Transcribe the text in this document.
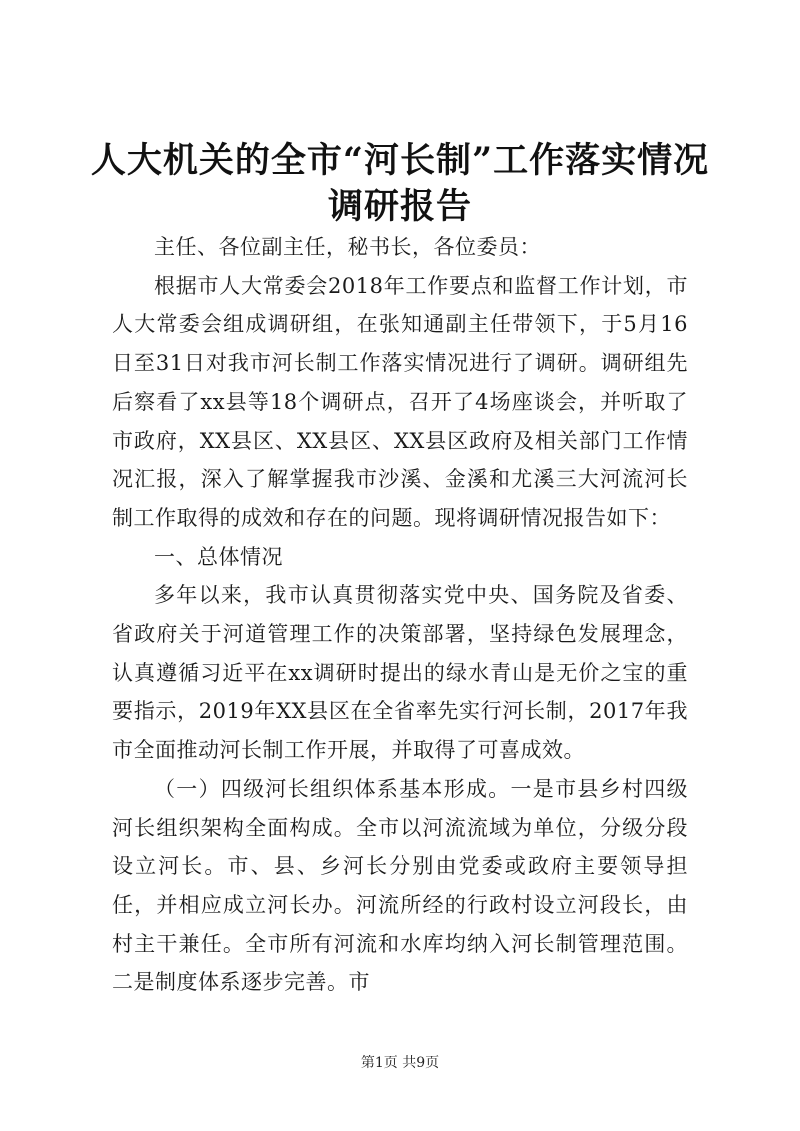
人大机关的全市“河长制”工作落实情况调研报告

主任、各位副主任，秘书长，各位委员：

根据市人大常委会2018年工作要点和监督工作计划，市人大常委会组成调研组，在张知通副主任带领下，于5月16日至31日对我市河长制工作落实情况进行了调研。调研组先后察看了xx县等18个调研点，召开了4场座谈会，并听取了市政府，XX县区、XX县区、XX县区政府及相关部门工作情况汇报，深入了解掌握我市沙溪、金溪和尤溪三大河流河长制工作取得的成效和存在的问题。现将调研情况报告如下：

一、总体情况

多年以来，我市认真贯彻落实党中央、国务院及省委、省政府关于河道管理工作的决策部署，坚持绿色发展理念，认真遵循习近平在xx调研时提出的绿水青山是无价之宝的重要指示，2019年XX县区在全省率先实行河长制，2017年我市全面推动河长制工作开展，并取得了可喜成效。

（一）四级河长组织体系基本形成。一是市县乡村四级河长组织架构全面构成。全市以河流流域为单位，分级分段设立河长。市、县、乡河长分别由党委或政府主要领导担任，并相应成立河长办。河流所经的行政村设立河段长，由村主干兼任。全市所有河流和水库均纳入河长制管理范围。二是制度体系逐步完善。市

第1页 共9页
